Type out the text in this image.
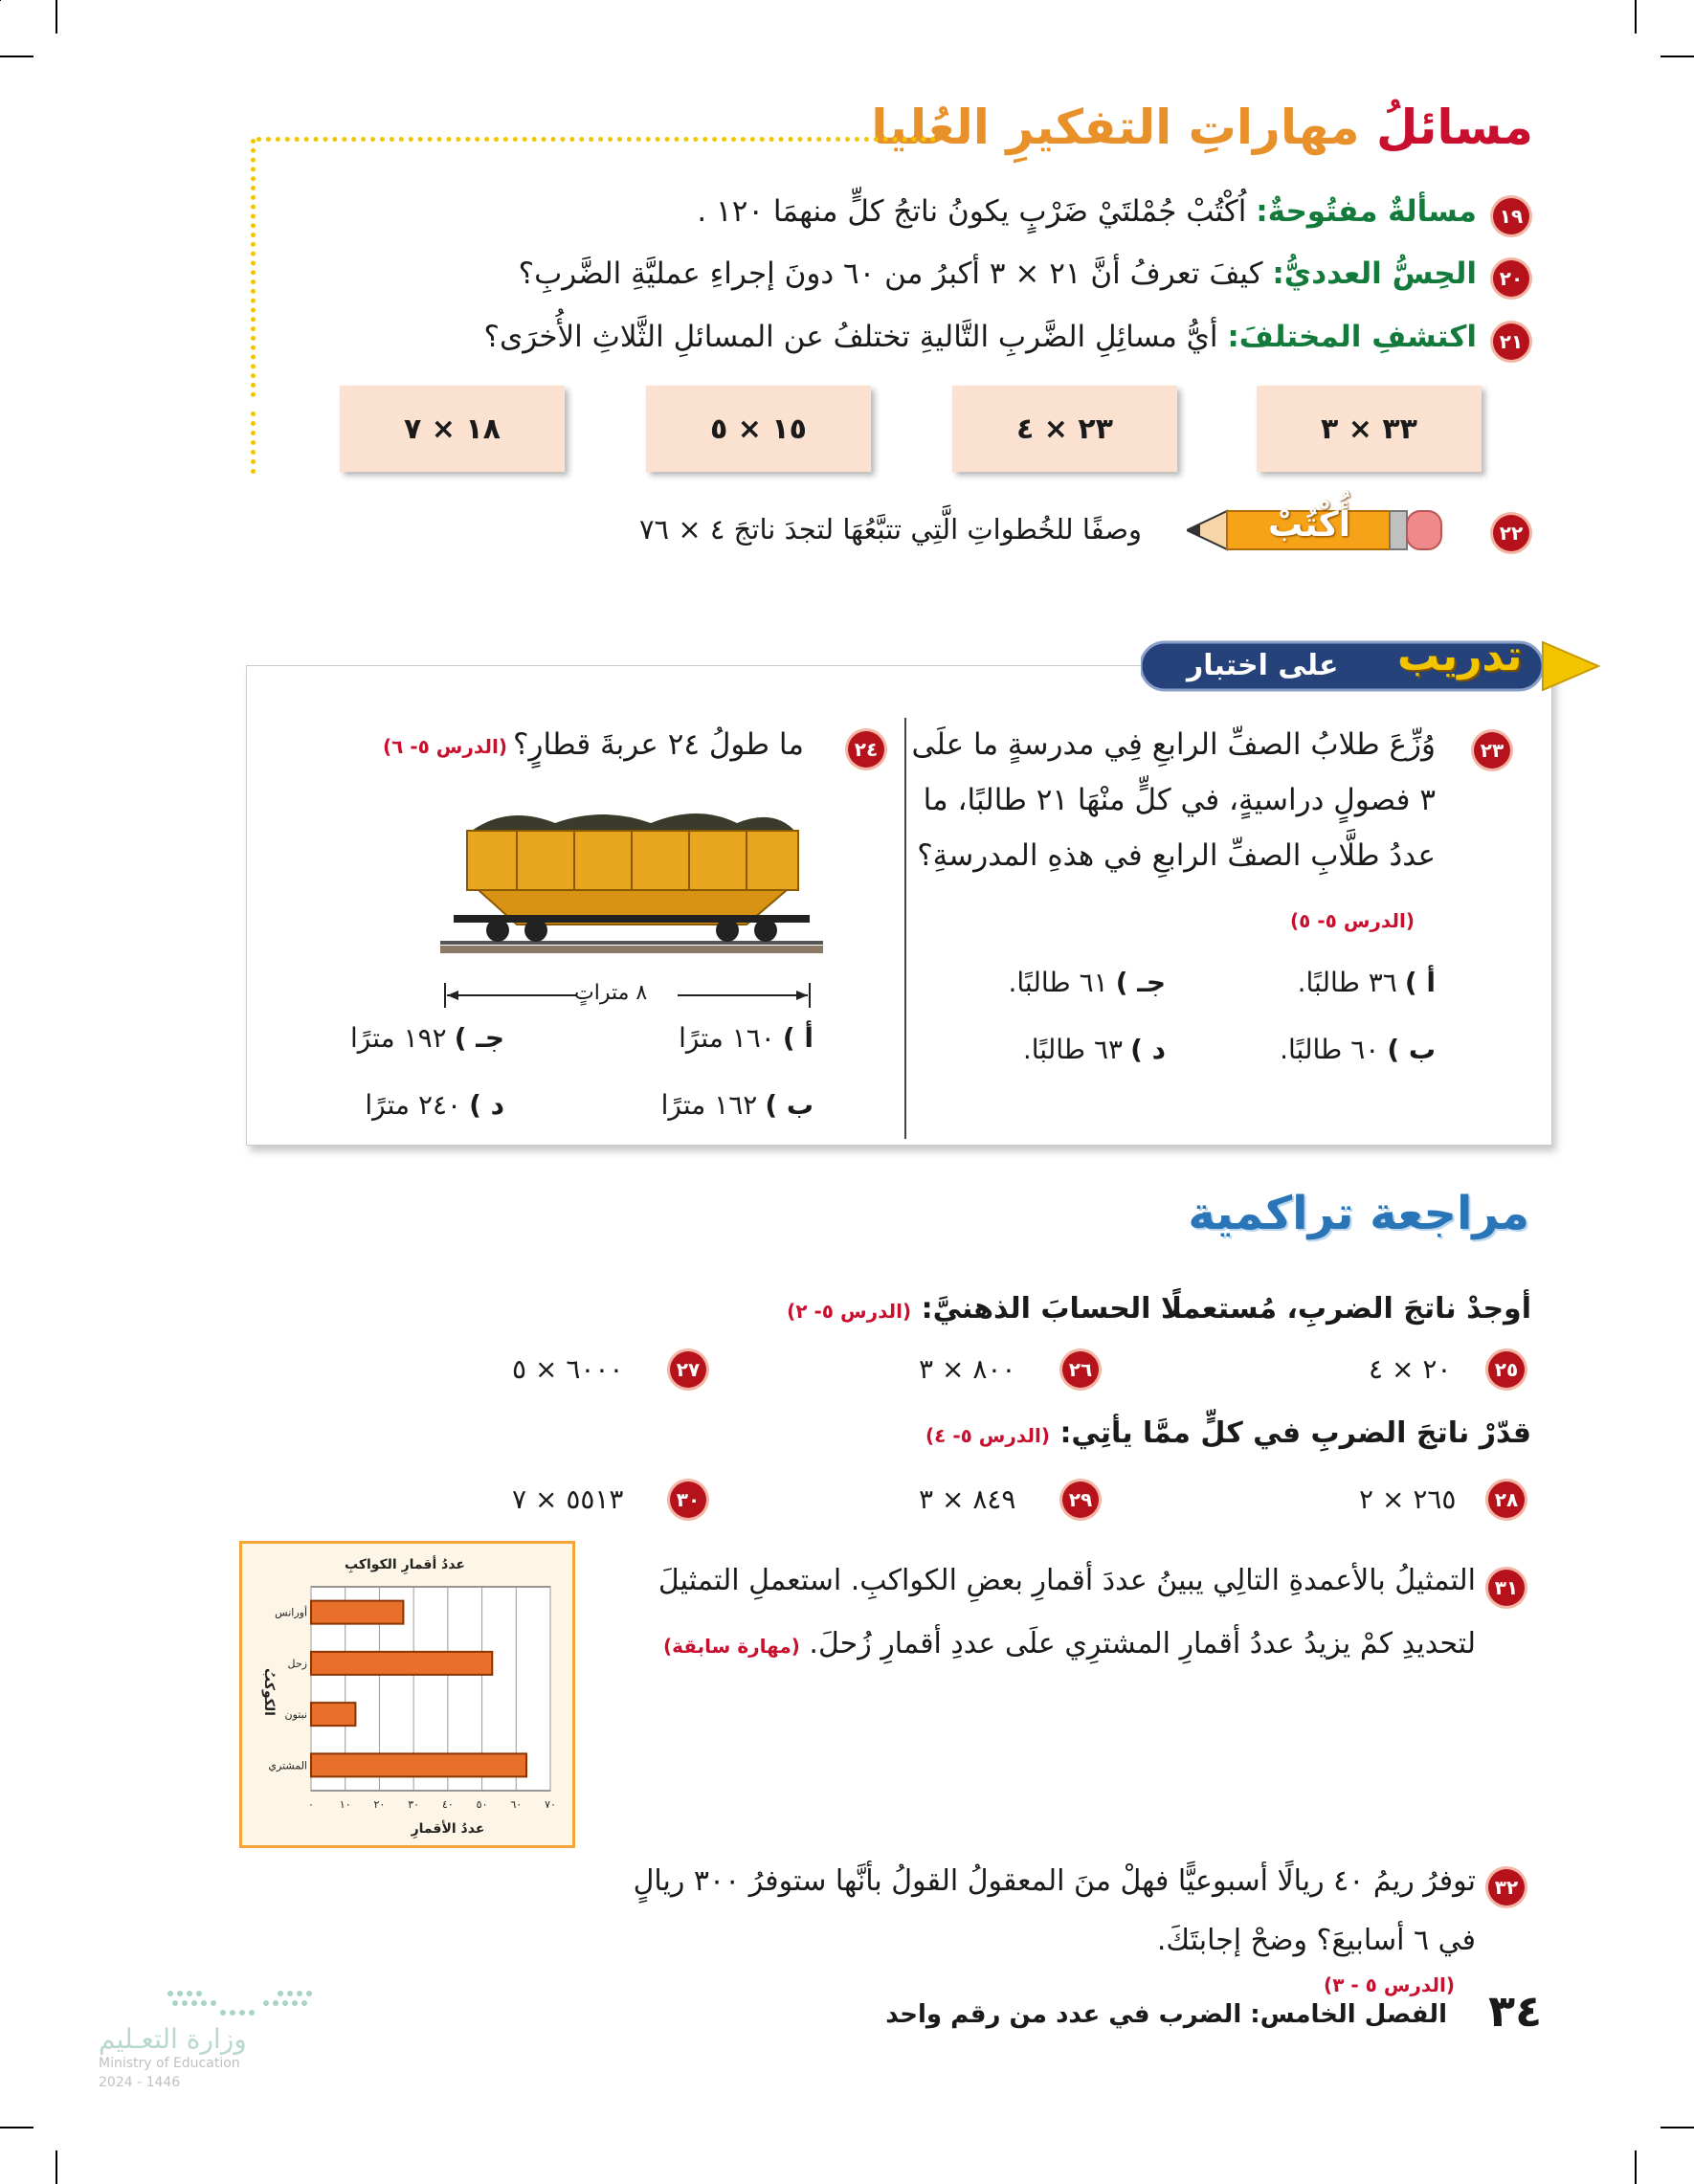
مسائلُ مهاراتِ التفكيرِ العُليا
١٩
مسألةٌ مفتُوحةٌ: اُكْتُبْ جُمْلتَيْ ضَرْبٍ يكونُ ناتجُ كلٍّ منهمَا ١٢٠ .
٢٠
الحِسُّ العدديُّ: كيفَ تعرفُ أنَّ ٢١ × ٣ أكبرُ من ٦٠ دونَ إجراءِ عمليَّةِ الضَّربِ؟
٢١
اكتشفِ المختلفَ: أيُّ مسائِلِ الضَّربِ التَّاليةِ تختلفُ عن المسائلِ الثَّلاثِ الأُخرَى؟
٣٣ × ٣
٢٣ × ٤
١٥ × ٥
١٨ × ٧
٢٢
أُكْتُبْ
وصفًا للخُطواتِ الَّتِي تتبَّعُهَا لتجدَ ناتجَ ٤ × ٧٦
تدريب
على اختبار
٢٣
وُزِّعَ طلابُ الصفِّ الرابعِ فِي مدرسةٍ ما علَى
٣ فصولٍ دراسيةٍ، في كلٍّ منْهَا ٢١ طالبًا، ما
عددُ طلَّابِ الصفِّ الرابعِ في هذهِ المدرسةِ؟
(الدرس ٥- ٥)
أ )٣٦ طالبًا.
جـ )٦١ طالبًا.
ب )٦٠ طالبًا.
د )٦٣ طالبًا.
٢٤
ما طولُ ٢٤ عربةَ قطارٍ؟
(الدرس ٥- ٦)
٨ متراتٍ
أ )١٦٠ مترًا
جـ )١٩٢ مترًا
ب )١٦٢ مترًا
د )٢٤٠ مترًا
مراجعة تراكمية
أوجدْ ناتجَ الضربِ، مُستعملًا الحسابَ الذهنيَّ: (الدرس ٥- ٢)
٢٥
٢٠ × ٤
٢٦
٨٠٠ × ٣
٢٧
٦٠٠٠ × ٥
قدّرْ ناتجَ الضربِ في كلٍّ ممَّا يأتِي: (الدرس ٥- ٤)
٢٨
٢٦٥ × ٢
٢٩
٨٤٩ × ٣
٣٠
٥٥١٣ × ٧
عددُ أقمارِ الكواكبِ
عددُ الأقمارِ
الكوكبُ
أورانس
زحل
نبتون
المشتري
٠ ١٠ ٢٠ ٣٠ ٤٠ ٥٠ ٦٠ ٧٠
٣١
التمثيلُ بالأعمدةِ التالِي يبينُ عددَ أقمارِ بعضِ الكواكبِ. استعملِ التمثيلَ
لتحديدِ كمْ يزيدُ عددُ أقمارِ المشترِي علَى عددِ أقمارِ زُحلَ. (مهارة سابقة)
٣٢
توفرُ ريمُ ٤٠ ريالًا أسبوعيًّا فهلْ منَ المعقولُ القولُ بأنَّها ستوفرُ ٣٠٠ ريالٍ
في ٦ أسابيعَ؟ وضحْ إجابتَكَ.
(الدرس ٥ - ٣) ٣٤
الفصل الخامس: الضرب في عدد من رقم واحد
وزارة التعـليم
Ministry of Education
2024 - 1446
